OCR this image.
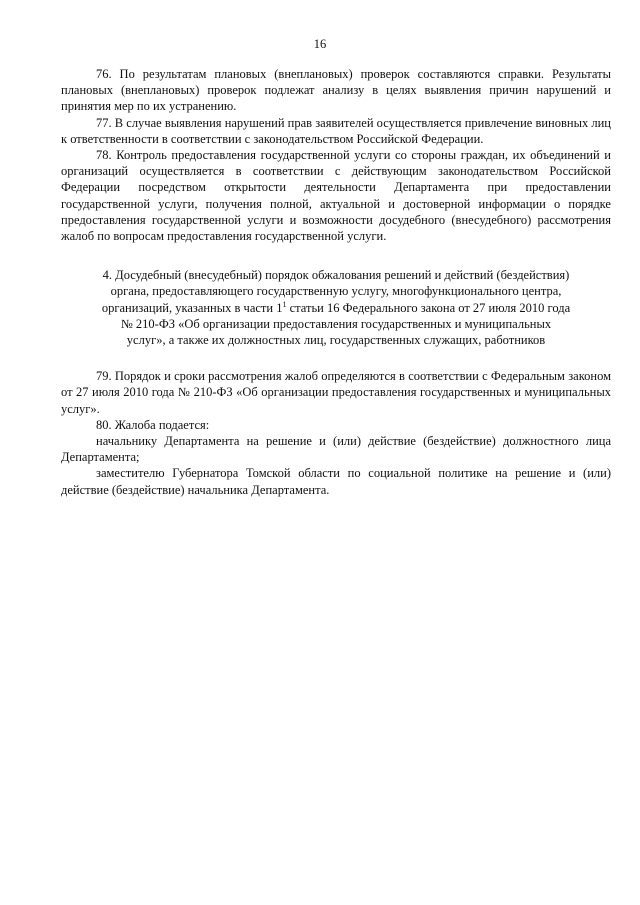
16

76. По результатам плановых (внеплановых) проверок составляются справки. Результаты плановых (внеплановых) проверок подлежат анализу в целях выявления причин нарушений и принятия мер по их устранению.

77. В случае выявления нарушений прав заявителей осуществляется привлечение виновных лиц к ответственности в соответствии с законодательством Российской Федерации.

78. Контроль предоставления государственной услуги со стороны граждан, их объединений и организаций осуществляется в соответствии с действующим законодательством Российской Федерации посредством открытости деятельности Департамента при предоставлении государственной услуги, получения полной, актуальной и достоверной информации о порядке предоставления государственной услуги и возможности досудебного (внесудебного) рассмотрения жалоб по вопросам предоставления государственной услуги.

4. Досудебный (внесудебный) порядок обжалования решений и действий (бездействия) органа, предоставляющего государственную услугу, многофункционального центра, организаций, указанных в части $1^1$ статьи 16 Федерального закона от 27 июля 2010 года № 210-ФЗ «Об организации предоставления государственных и муниципальных услуг», а также их должностных лиц, государственных служащих, работников

79. Порядок и сроки рассмотрения жалоб определяются в соответствии с Федеральным законом от 27 июля 2010 года № 210-ФЗ «Об организации предоставления государственных и муниципальных услуг».

80. Жалоба подается:

начальнику Департамента на решение и (или) действие (бездействие) должностного лица Департамента;

заместителю Губернатора Томской области по социальной политике на решение и (или) действие (бездействие) начальника Департамента.
